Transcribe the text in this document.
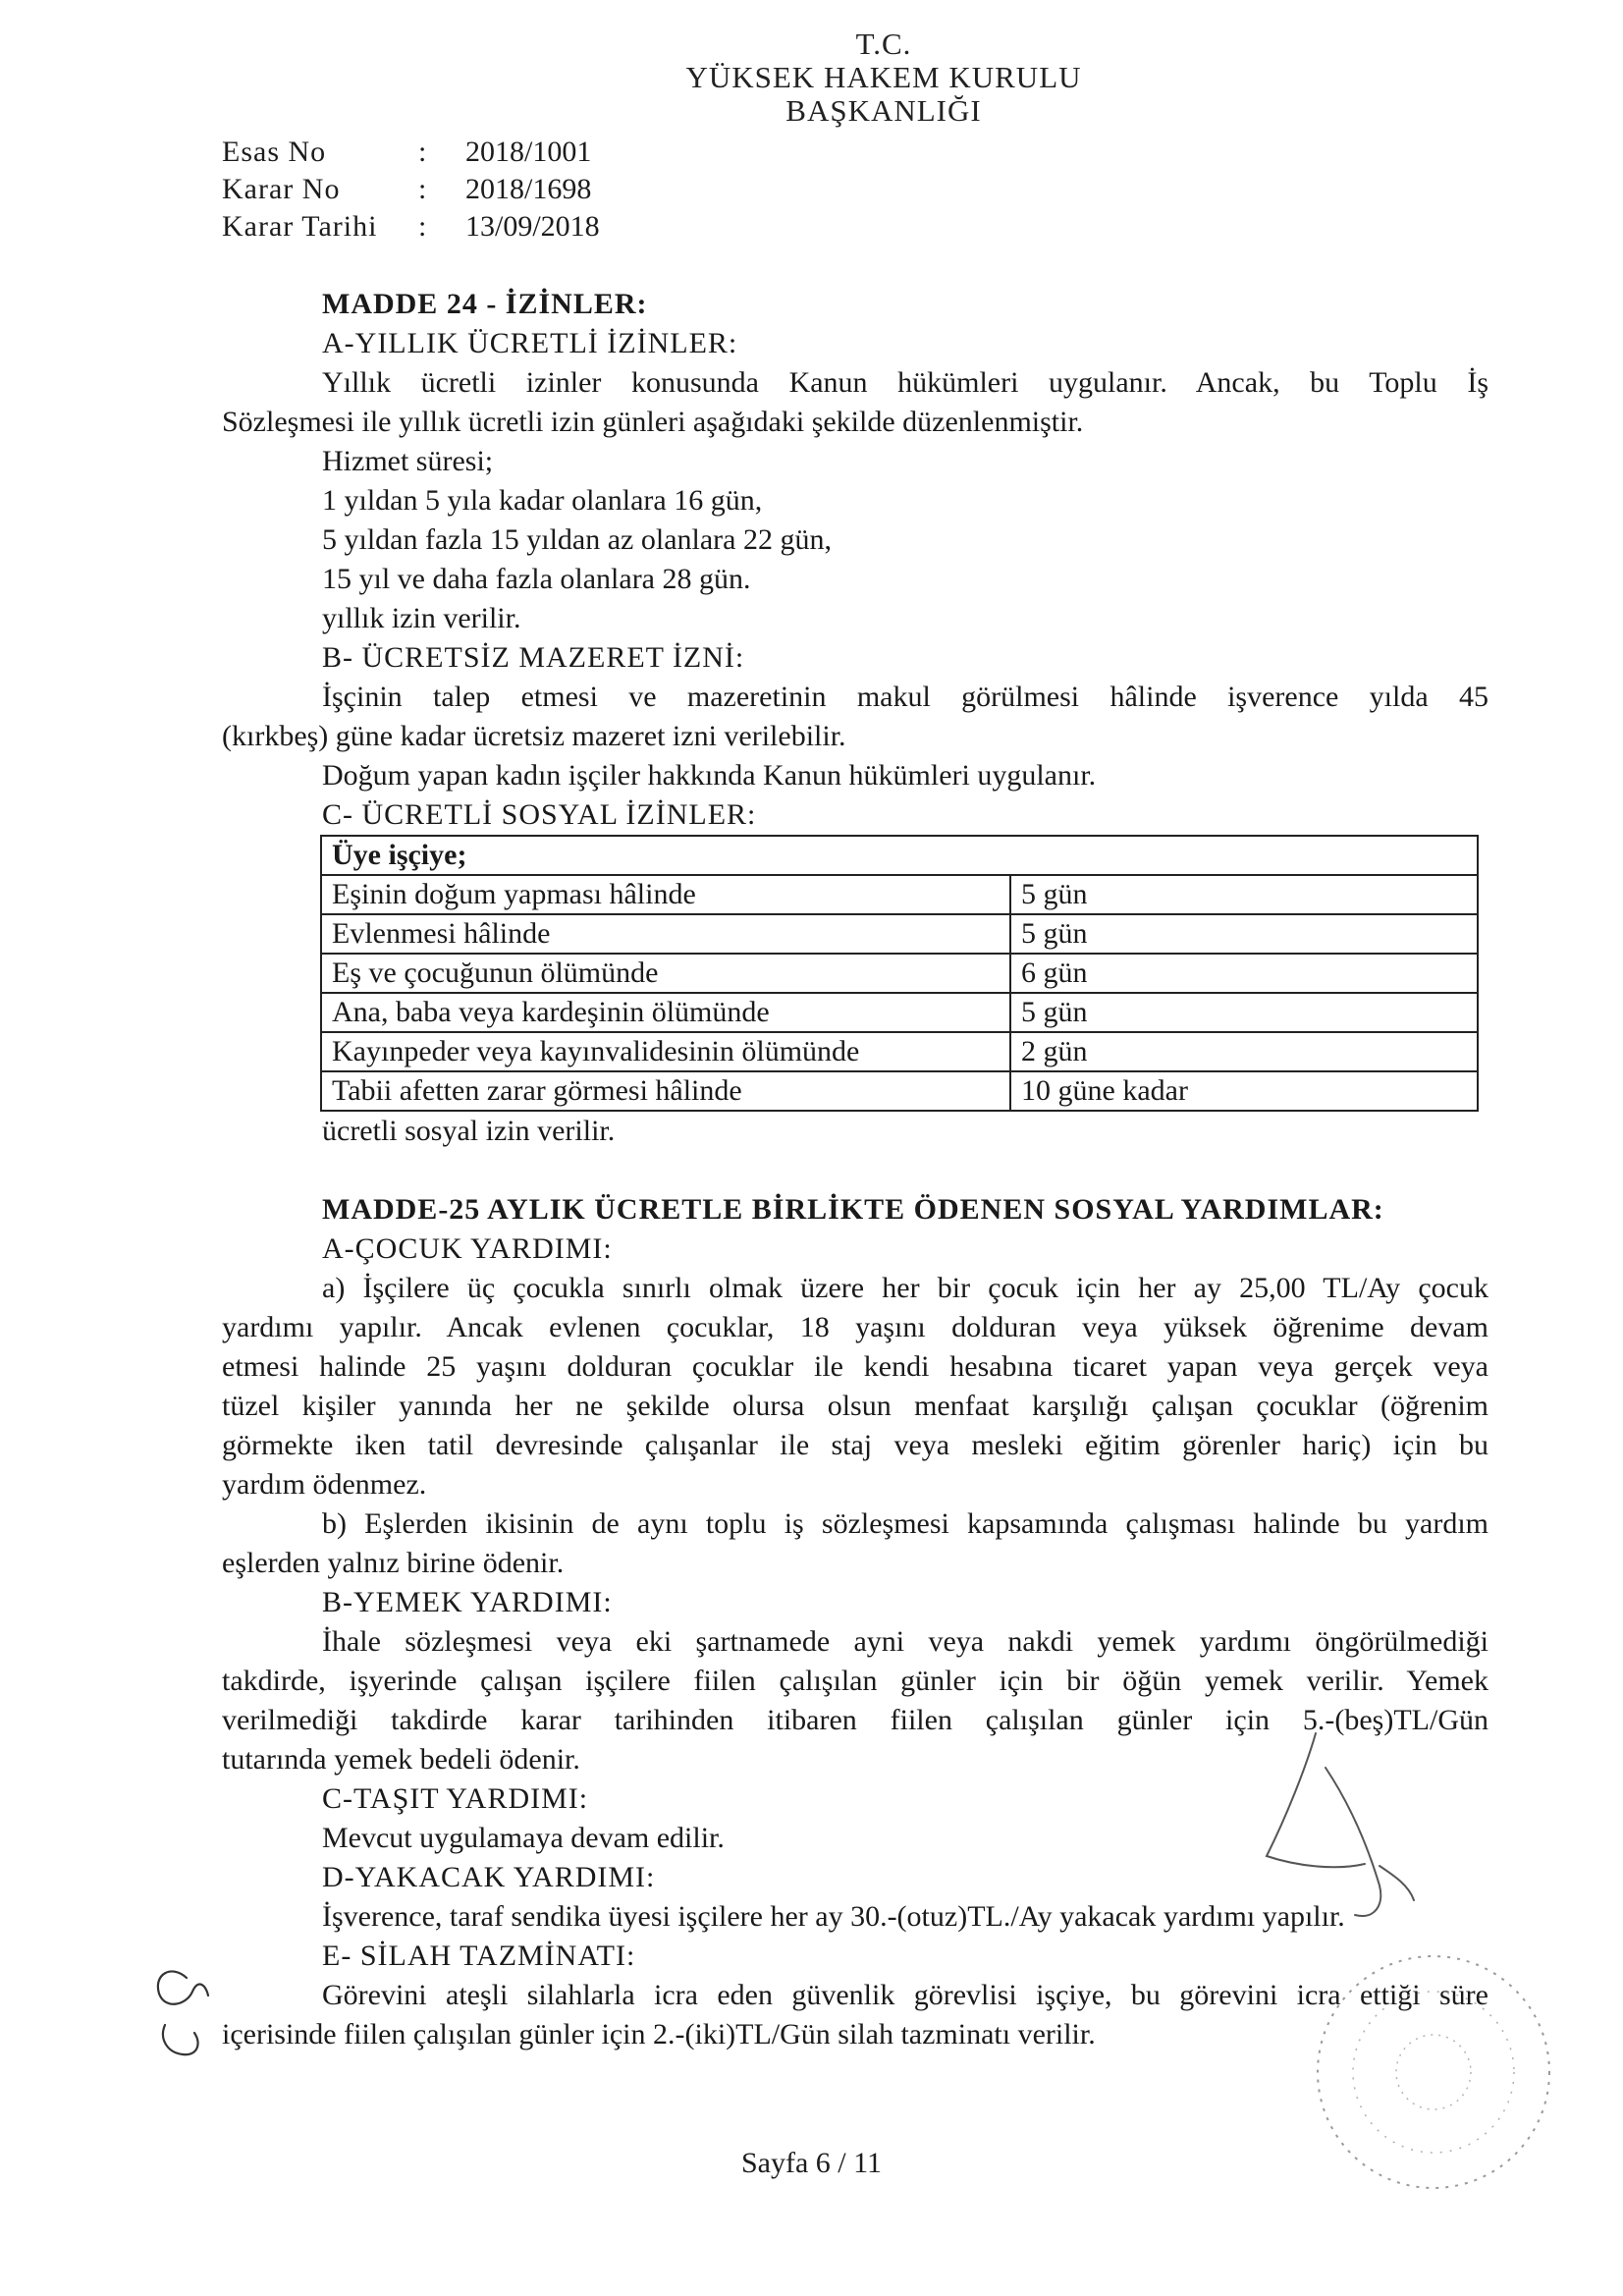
T.C.
YÜKSEK HAKEM KURULU
BAŞKANLIĞI
Esas No	:	2018/1001
Karar No	:	2018/1698
Karar Tarihi	:	13/09/2018

MADDE 24 - İZİNLER:

A-YILLIK ÜCRETLİ İZİNLER:

Yıllık ücretli izinler konusunda Kanun hükümleri uygulanır. Ancak, bu Toplu İş

Sözleşmesi ile yıllık ücretli izin günleri aşağıdaki şekilde düzenlenmiştir.

Hizmet süresi;

1 yıldan 5 yıla kadar olanlara 16 gün,

5 yıldan fazla 15 yıldan az olanlara 22 gün,

15 yıl ve daha fazla olanlara 28 gün.

yıllık izin verilir.

B- ÜCRETSİZ MAZERET İZNİ:

İşçinin talep etmesi ve mazeretinin makul görülmesi hâlinde işverence yılda 45

(kırkbeş) güne kadar ücretsiz mazeret izni verilebilir.

Doğum yapan kadın işçiler hakkında Kanun hükümleri uygulanır.

C- ÜCRETLİ SOSYAL İZİNLER:

Üye işçiye;	
Eşinin doğum yapması hâlinde	5 gün
Evlenmesi hâlinde	5 gün
Eş ve çocuğunun ölümünde	6 gün
Ana, baba veya kardeşinin ölümünde	5 gün
Kayınpeder veya kayınvalidesinin ölümünde	2 gün
Tabii afetten zarar görmesi hâlinde	10 güne kadar

ücretli sosyal izin verilir.

MADDE-25 AYLIK ÜCRETLE BİRLİKTE ÖDENEN SOSYAL YARDIMLAR:

A-ÇOCUK YARDIMI:

a) İşçilere üç çocukla sınırlı olmak üzere her bir çocuk için her ay 25,00 TL/Ay çocuk

yardımı yapılır. Ancak evlenen çocuklar, 18 yaşını dolduran veya yüksek öğrenime devam

etmesi halinde 25 yaşını dolduran çocuklar ile kendi hesabına ticaret yapan veya gerçek veya

tüzel kişiler yanında her ne şekilde olursa olsun menfaat karşılığı çalışan çocuklar (öğrenim

görmekte iken tatil devresinde çalışanlar ile staj veya mesleki eğitim görenler hariç) için bu

yardım ödenmez.

b) Eşlerden ikisinin de aynı toplu iş sözleşmesi kapsamında çalışması halinde bu yardım

eşlerden yalnız birine ödenir.

B-YEMEK YARDIMI:

İhale sözleşmesi veya eki şartnamede ayni veya nakdi yemek yardımı öngörülmediği

takdirde, işyerinde çalışan işçilere fiilen çalışılan günler için bir öğün yemek verilir. Yemek

verilmediği takdirde karar tarihinden itibaren fiilen çalışılan günler için 5.-(beş)TL/Gün

tutarında yemek bedeli ödenir.

C-TAŞIT YARDIMI:

Mevcut uygulamaya devam edilir.

D-YAKACAK YARDIMI:

İşverence, taraf sendika üyesi işçilere her ay 30.-(otuz)TL./Ay yakacak yardımı yapılır.

E- SİLAH TAZMİNATI:

Görevini ateşli silahlarla icra eden güvenlik görevlisi işçiye, bu görevini icra ettiği süre

içerisinde fiilen çalışılan günler için 2.-(iki)TL/Gün silah tazminatı verilir.

Sayfa 6 / 11
